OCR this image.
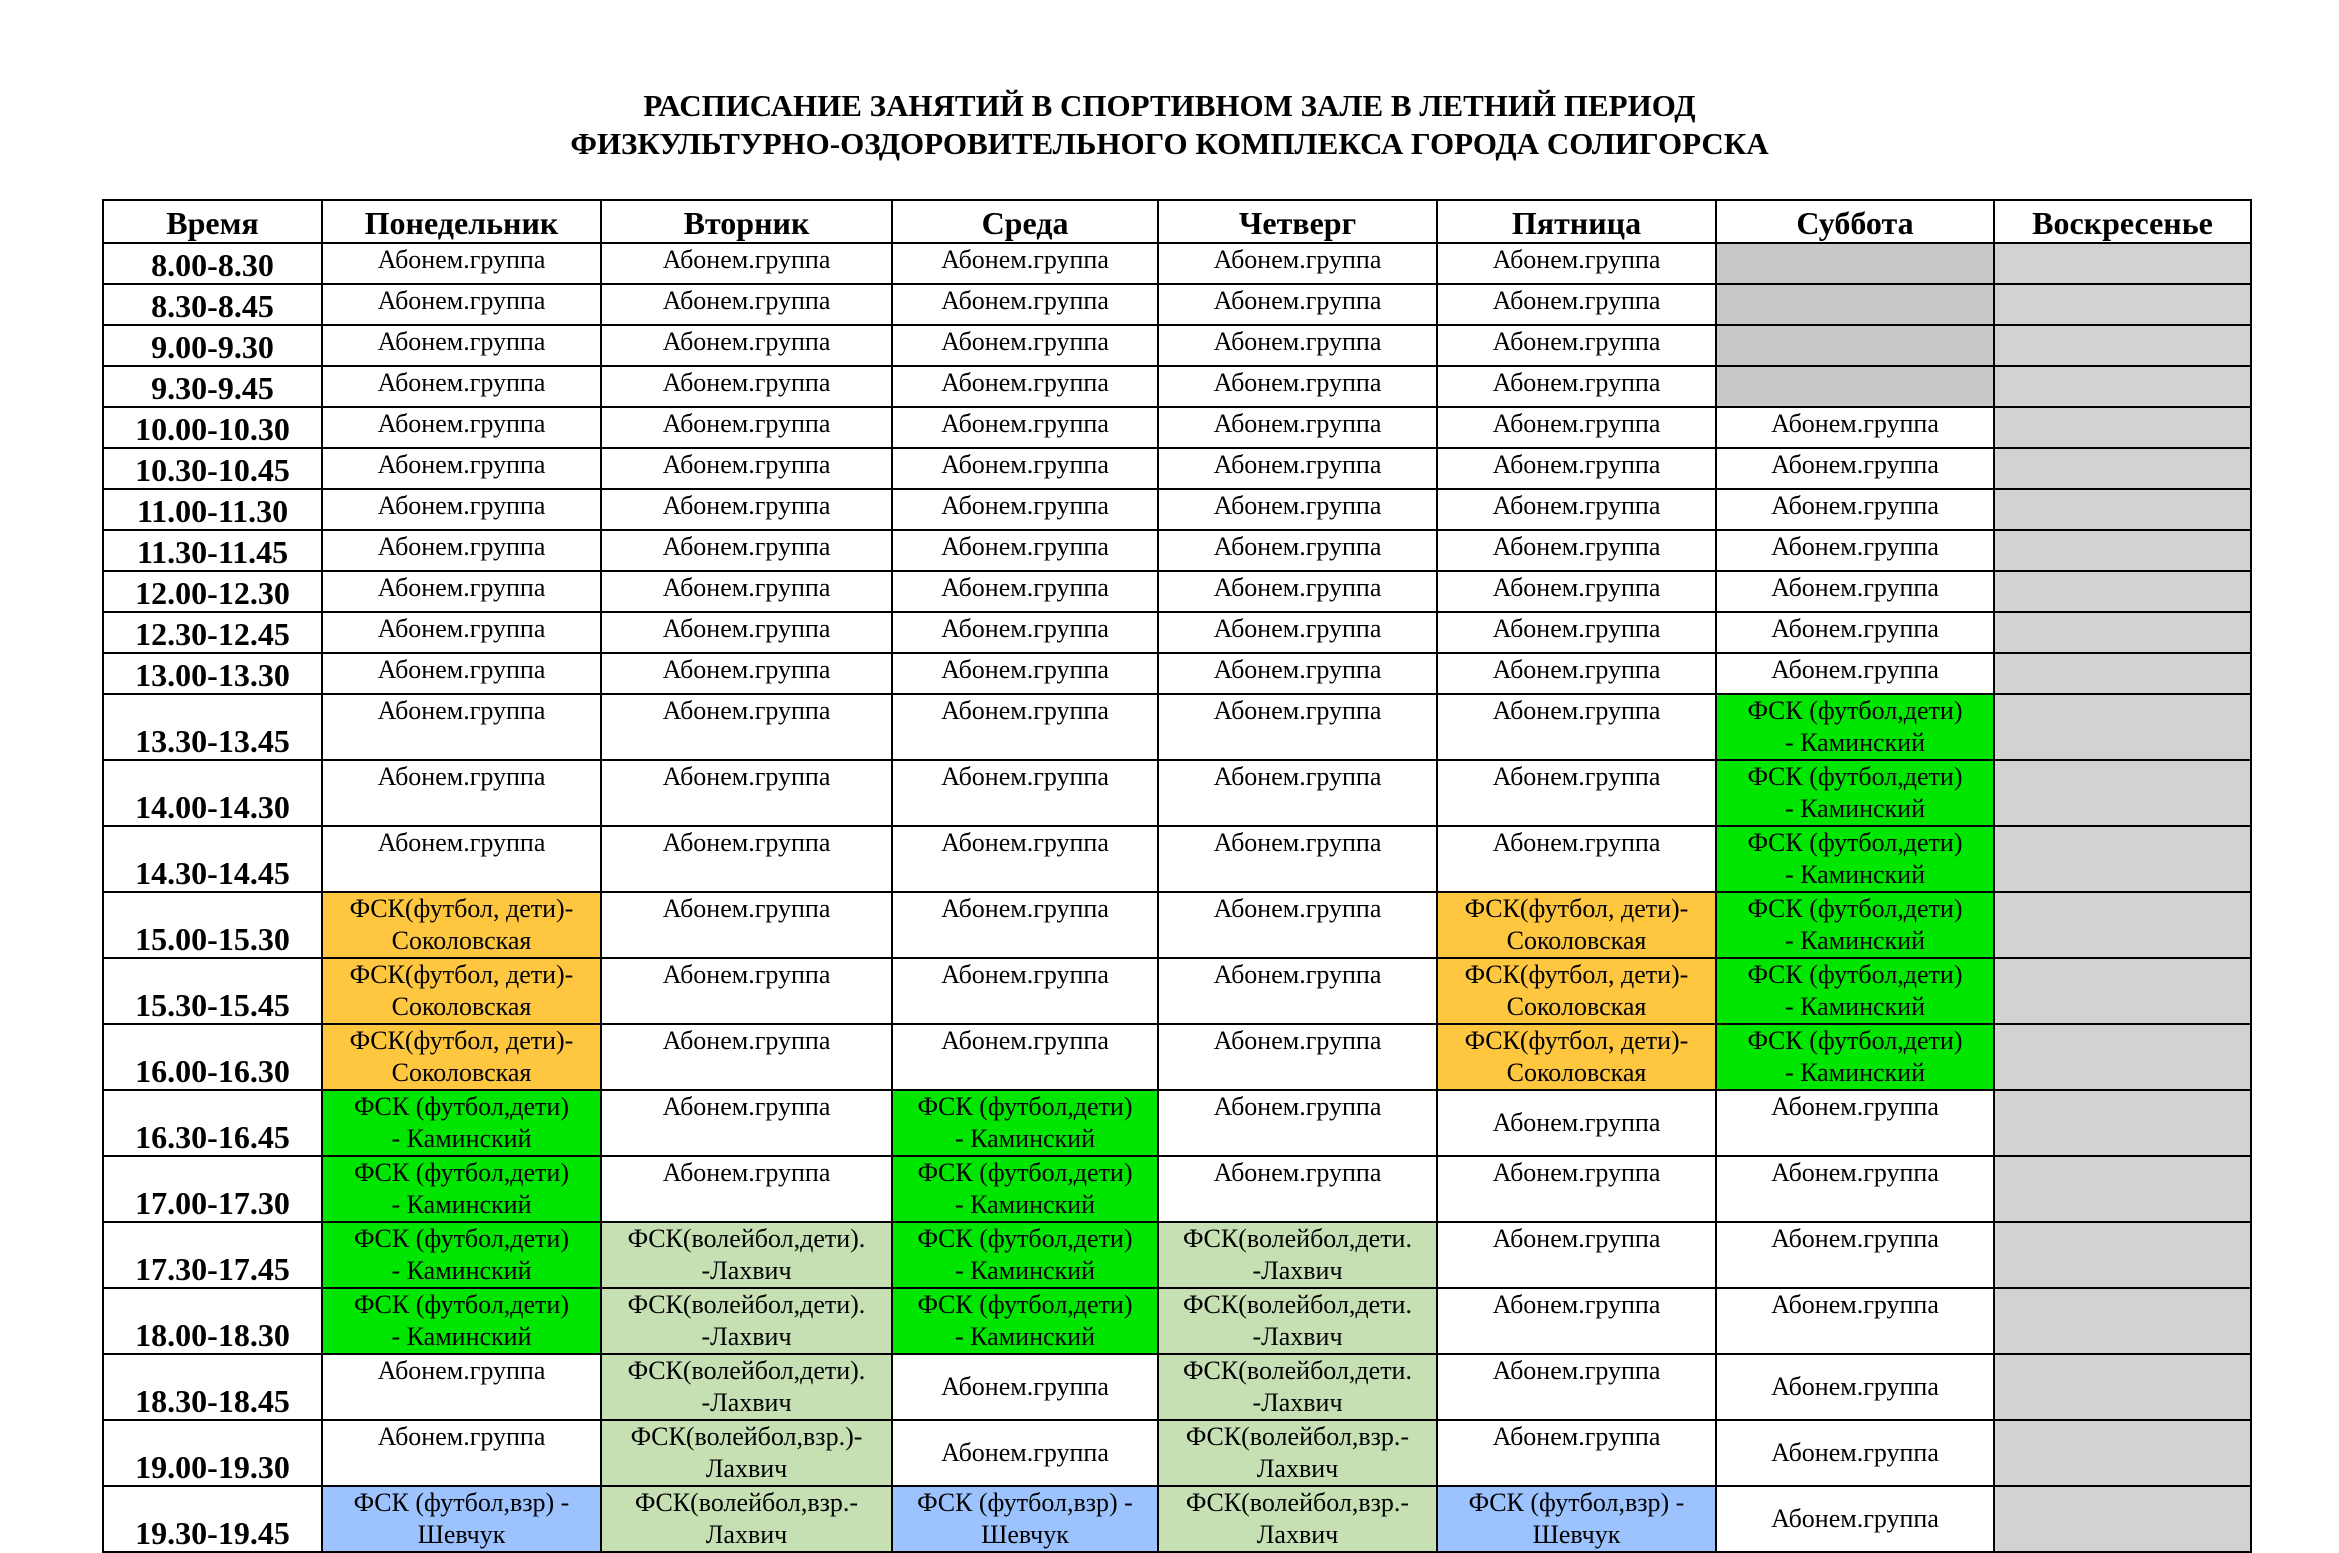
РАСПИСАНИЕ ЗАНЯТИЙ В СПОРТИВНОМ ЗАЛЕ В ЛЕТНИЙ ПЕРИОД
ФИЗКУЛЬТУРНО-ОЗДОРОВИТЕЛЬНОГО КОМПЛЕКСА ГОРОДА СОЛИГОРСКА
Время	Понедельник	Вторник	Среда	Четверг	Пятница	Суббота	Воскресенье
8.00-8.30	Абонем.группа	Абонем.группа	Абонем.группа	Абонем.группа	Абонем.группа		
8.30-8.45	Абонем.группа	Абонем.группа	Абонем.группа	Абонем.группа	Абонем.группа		
9.00-9.30	Абонем.группа	Абонем.группа	Абонем.группа	Абонем.группа	Абонем.группа		
9.30-9.45	Абонем.группа	Абонем.группа	Абонем.группа	Абонем.группа	Абонем.группа		
10.00-10.30	Абонем.группа	Абонем.группа	Абонем.группа	Абонем.группа	Абонем.группа	Абонем.группа	
10.30-10.45	Абонем.группа	Абонем.группа	Абонем.группа	Абонем.группа	Абонем.группа	Абонем.группа	
11.00-11.30	Абонем.группа	Абонем.группа	Абонем.группа	Абонем.группа	Абонем.группа	Абонем.группа	
11.30-11.45	Абонем.группа	Абонем.группа	Абонем.группа	Абонем.группа	Абонем.группа	Абонем.группа	
12.00-12.30	Абонем.группа	Абонем.группа	Абонем.группа	Абонем.группа	Абонем.группа	Абонем.группа	
12.30-12.45	Абонем.группа	Абонем.группа	Абонем.группа	Абонем.группа	Абонем.группа	Абонем.группа	
13.00-13.30	Абонем.группа	Абонем.группа	Абонем.группа	Абонем.группа	Абонем.группа	Абонем.группа	
13.30-13.45	Абонем.группа	Абонем.группа	Абонем.группа	Абонем.группа	Абонем.группа	ФСК (футбол,дети)
- Каминский	
14.00-14.30	Абонем.группа	Абонем.группа	Абонем.группа	Абонем.группа	Абонем.группа	ФСК (футбол,дети)
- Каминский	
14.30-14.45	Абонем.группа	Абонем.группа	Абонем.группа	Абонем.группа	Абонем.группа	ФСК (футбол,дети)
- Каминский	
15.00-15.30	ФСК(футбол, дети)-
Соколовская	Абонем.группа	Абонем.группа	Абонем.группа	ФСК(футбол, дети)-
Соколовская	ФСК (футбол,дети)
- Каминский	
15.30-15.45	ФСК(футбол, дети)-
Соколовская	Абонем.группа	Абонем.группа	Абонем.группа	ФСК(футбол, дети)-
Соколовская	ФСК (футбол,дети)
- Каминский	
16.00-16.30	ФСК(футбол, дети)-
Соколовская	Абонем.группа	Абонем.группа	Абонем.группа	ФСК(футбол, дети)-
Соколовская	ФСК (футбол,дети)
- Каминский	
16.30-16.45	ФСК (футбол,дети)
- Каминский	Абонем.группа	ФСК (футбол,дети)
- Каминский	Абонем.группа	Абонем.группа	Абонем.группа	
17.00-17.30	ФСК (футбол,дети)
- Каминский	Абонем.группа	ФСК (футбол,дети)
- Каминский	Абонем.группа	Абонем.группа	Абонем.группа	
17.30-17.45	ФСК (футбол,дети)
- Каминский	ФСК(волейбол,дети).
-Лахвич	ФСК (футбол,дети)
- Каминский	ФСК(волейбол,дети.
-Лахвич	Абонем.группа	Абонем.группа	
18.00-18.30	ФСК (футбол,дети)
- Каминский	ФСК(волейбол,дети).
-Лахвич	ФСК (футбол,дети)
- Каминский	ФСК(волейбол,дети.
-Лахвич	Абонем.группа	Абонем.группа	
18.30-18.45	Абонем.группа	ФСК(волейбол,дети).
-Лахвич	Абонем.группа	ФСК(волейбол,дети.
-Лахвич	Абонем.группа	Абонем.группа	
19.00-19.30	Абонем.группа	ФСК(волейбол,взр.)-
Лахвич	Абонем.группа	ФСК(волейбол,взр.-
Лахвич	Абонем.группа	Абонем.группа	
19.30-19.45	ФСК (футбол,взр) -
Шевчук	ФСК(волейбол,взр.-
Лахвич	ФСК (футбол,взр) -
Шевчук	ФСК(волейбол,взр.-
Лахвич	ФСК (футбол,взр) -
Шевчук	Абонем.группа	
